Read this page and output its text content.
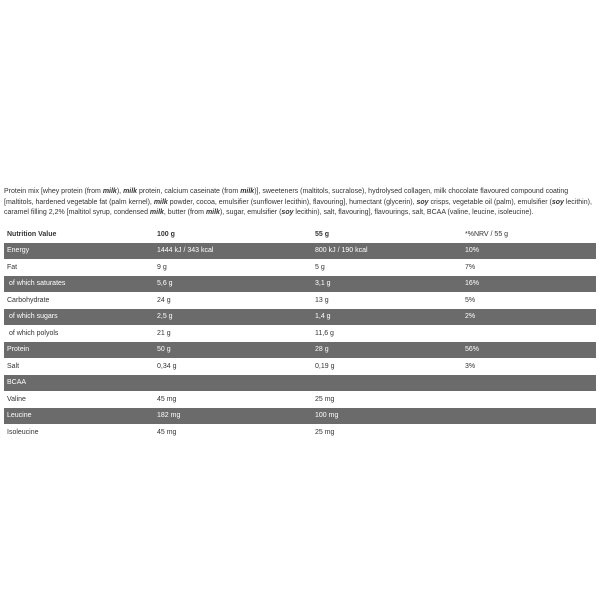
Protein mix [whey protein (from milk), milk protein, calcium caseinate (from milk)], sweeteners (maltitols, sucralose), hydrolysed collagen, milk chocolate flavoured compound coating [maltitols, hardened vegetable fat (palm kernel), milk powder, cocoa, emulsifier (sunflower lecithin), flavouring], humectant (glycerin), soy crisps, vegetable oil (palm), emulsifier (soy lecithin), caramel filling 2,2% [maltitol syrup, condensed milk, butter (from milk), sugar, emulsifier (soy lecithin), salt, flavouring], flavourings, salt, BCAA (valine, leucine, isoleucine).
Nutrition Value	100 g	55 g	*%NRV / 55 g
Energy	1444 kJ / 343 kcal	800 kJ / 190 kcal	10%
Fat	9 g	5 g	7%
of which saturates	5,6 g	3,1 g	16%
Carbohydrate	24 g	13 g	5%
of which sugars	2,5 g	1,4 g	2%
of which polyols	21 g	11,6 g
Protein	50 g	28 g	56%
Salt	0,34 g	0,19 g	3%
BCAA
Valine	45 mg	25 mg
Leucine	182 mg	100 mg
Isoleucine	45 mg	25 mg
